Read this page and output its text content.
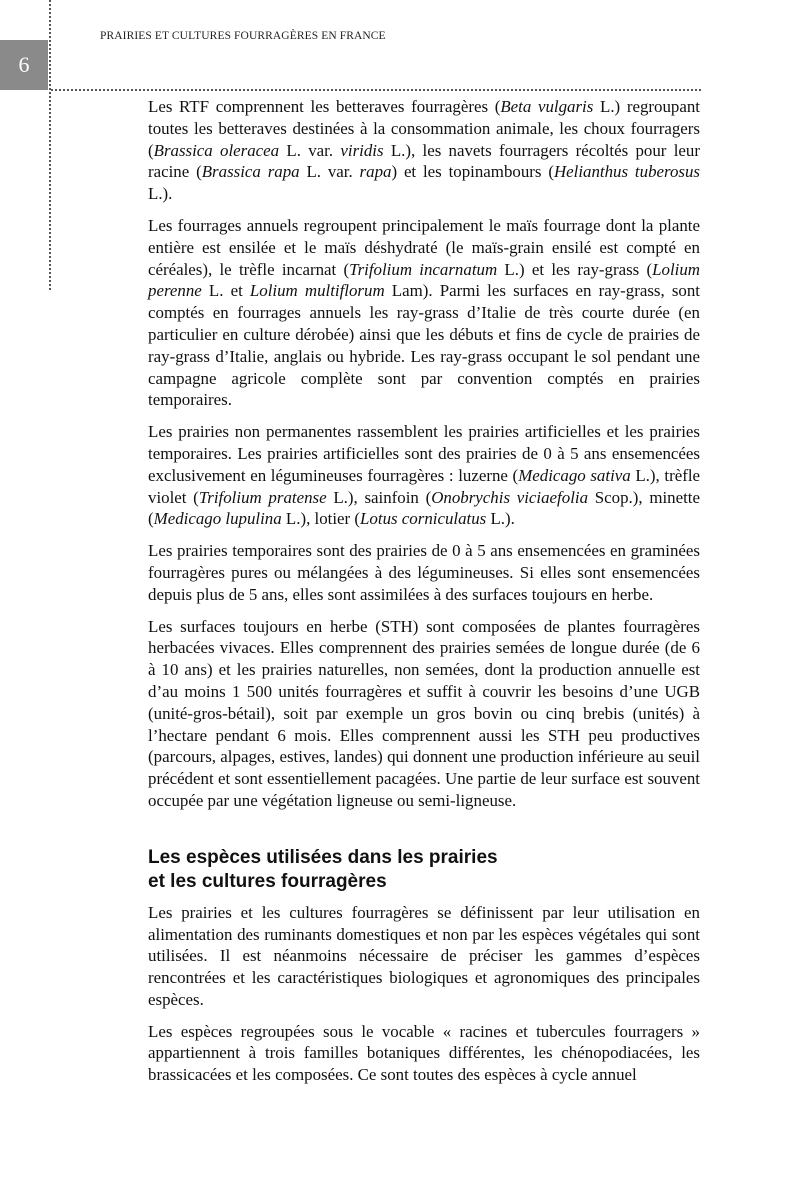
6
PRAIRIES ET CULTURES FOURRAGÈRES EN FRANCE

Les RTF comprennent les betteraves fourragères (Beta vulgaris L.) regroupant toutes les betteraves destinées à la consommation animale, les choux fourragers (Brassica oleracea L. var. viridis L.), les navets fourragers récoltés pour leur racine (Brassica rapa L. var. rapa) et les topinambours (Helianthus tuberosus L.).

Les fourrages annuels regroupent principalement le maïs fourrage dont la plante entière est ensilée et le maïs déshydraté (le maïs-grain ensilé est compté en céréales), le trèfle incarnat (Trifolium incarnatum L.) et les ray-grass (Lolium perenne L. et Lolium multiflorum Lam). Parmi les surfaces en ray-grass, sont comptés en fourrages annuels les ray-grass d’Italie de très courte durée (en particulier en culture dérobée) ainsi que les débuts et fins de cycle de prairies de ray-grass d’Italie, anglais ou hybride. Les ray-grass occupant le sol pendant une campagne agricole complète sont par convention comptés en prairies temporaires.

Les prairies non permanentes rassemblent les prairies artificielles et les prairies temporaires. Les prairies artificielles sont des prairies de 0 à 5 ans ensemencées exclusivement en légumineuses fourragères : luzerne (Medicago sativa L.), trèfle violet (Trifolium pratense L.), sainfoin (Onobrychis viciaefolia Scop.), minette (Medicago lupulina L.), lotier (Lotus corniculatus L.).

Les prairies temporaires sont des prairies de 0 à 5 ans ensemencées en graminées fourragères pures ou mélangées à des légumineuses. Si elles sont ensemencées depuis plus de 5 ans, elles sont assimilées à des surfaces toujours en herbe.

Les surfaces toujours en herbe (STH) sont composées de plantes fourragères herbacées vivaces. Elles comprennent des prairies semées de longue durée (de 6 à 10 ans) et les prairies naturelles, non semées, dont la production annuelle est d’au moins 1 500 unités fourragères et suffit à couvrir les besoins d’une UGB (unité-gros-bétail), soit par exemple un gros bovin ou cinq brebis (unités) à l’hectare pendant 6 mois. Elles comprennent aussi les STH peu productives (parcours, alpages, estives, landes) qui donnent une production inférieure au seuil précédent et sont essentiellement pacagées. Une partie de leur surface est souvent occupée par une végétation ligneuse ou semi-ligneuse.

Les espèces utilisées dans les prairies
et les cultures fourragères

Les prairies et les cultures fourragères se définissent par leur utilisation en alimentation des ruminants domestiques et non par les espèces végétales qui sont utilisées. Il est néanmoins nécessaire de préciser les gammes d’espèces rencontrées et les caractéristiques biologiques et agronomiques des principales espèces.

Les espèces regroupées sous le vocable « racines et tubercules fourragers » appartiennent à trois familles botaniques différentes, les chénopodiacées, les brassicacées et les composées. Ce sont toutes des espèces à cycle annuel
